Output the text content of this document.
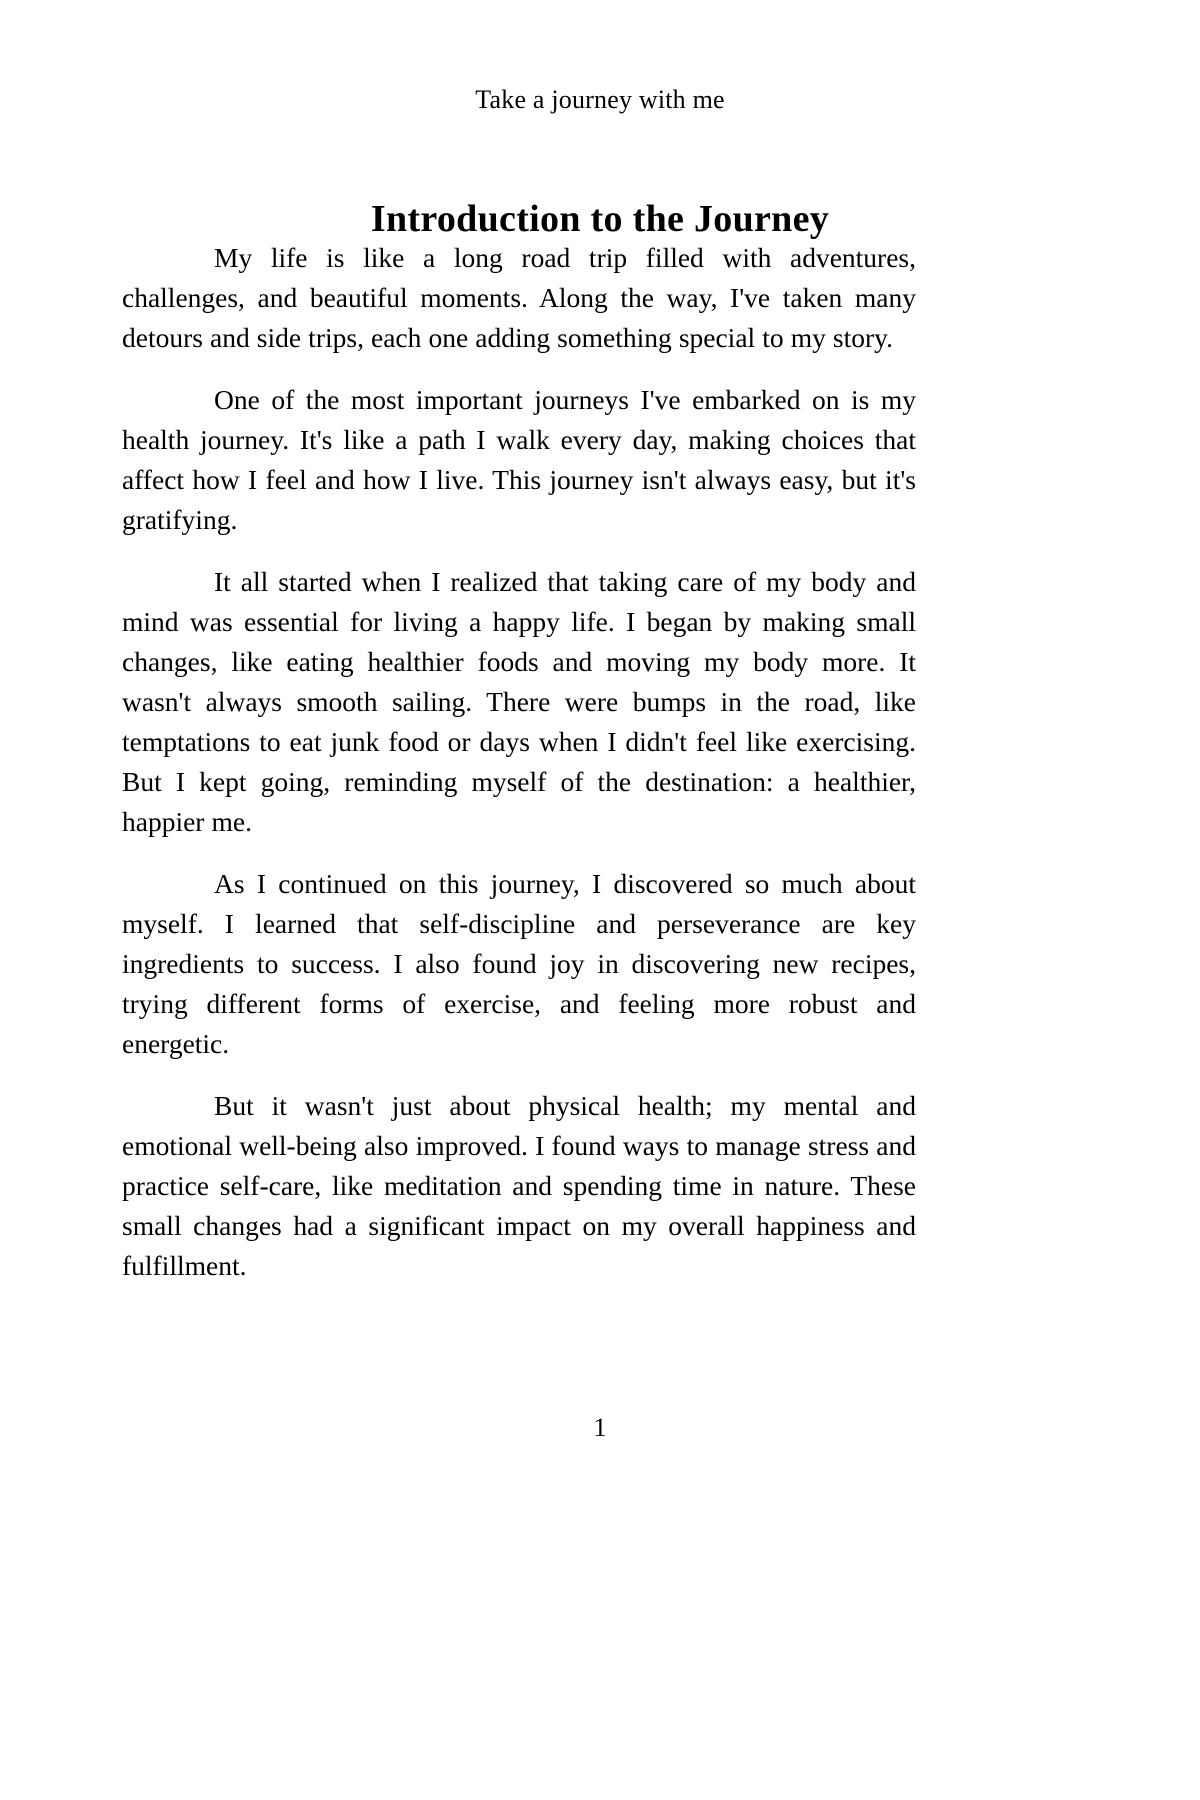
Take a journey with me
Introduction to the Journey

My life is like a long road trip filled with adventures, challenges, and beautiful moments. Along the way, I've taken many detours and side trips, each one adding something special to my story.

One of the most important journeys I've embarked on is my health journey. It's like a path I walk every day, making choices that affect how I feel and how I live. This journey isn't always easy, but it's gratifying.

It all started when I realized that taking care of my body and mind was essential for living a happy life. I began by making small changes, like eating healthier foods and moving my body more. It wasn't always smooth sailing. There were bumps in the road, like temptations to eat junk food or days when I didn't feel like exercising. But I kept going, reminding myself of the destination: a healthier, happier me.

As I continued on this journey, I discovered so much about myself. I learned that self-discipline and perseverance are key ingredients to success. I also found joy in discovering new recipes, trying different forms of exercise, and feeling more robust and energetic.

But it wasn't just about physical health; my mental and emotional well-being also improved. I found ways to manage stress and practice self-care, like meditation and spending time in nature. These small changes had a significant impact on my overall happiness and fulfillment.

1
